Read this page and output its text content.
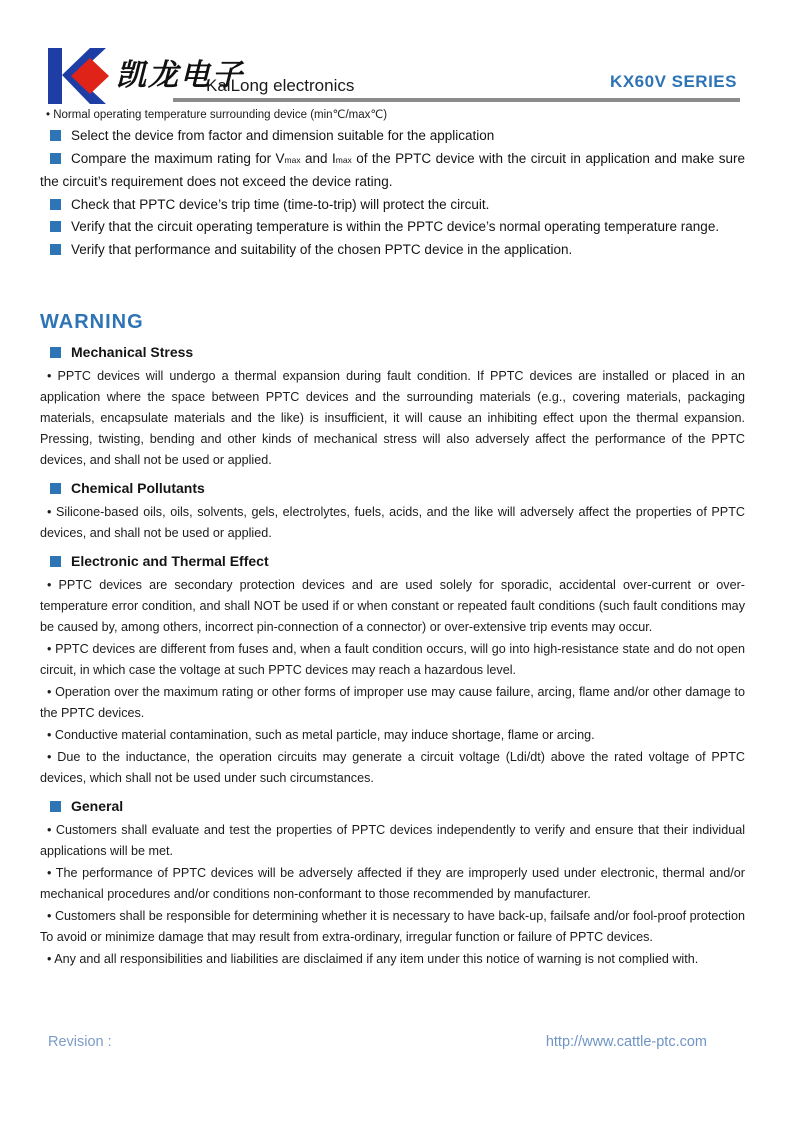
凯龙电子
KaiLong electronics	KX60V SERIES
• Normal operating temperature surrounding device (min℃/max℃)

Select the device from factor and dimension suitable for the application

Compare the maximum rating for Vmax and Imax of the PPTC device with the circuit in application and make sure the circuit’s requirement does not exceed the device rating.

Check that PPTC device’s trip time (time-to-trip) will protect the circuit.

Verify that the circuit operating temperature is within the PPTC device’s normal operating temperature range.

Verify that performance and suitability of the chosen PPTC device in the application.

WARNING
Mechanical Stress

• PPTC devices will undergo a thermal expansion during fault condition. If PPTC devices are installed or placed in an application where the space between PPTC devices and the surrounding materials (e.g., covering materials, packaging materials, encapsulate materials and the like) is insufficient, it will cause an inhibiting effect upon the thermal expansion. Pressing, twisting, bending and other kinds of mechanical stress will also adversely affect the performance of the PPTC devices, and shall not be used or applied.

Chemical Pollutants

• Silicone-based oils, oils, solvents, gels, electrolytes, fuels, acids, and the like will adversely affect the properties of PPTC devices, and shall not be used or applied.

Electronic and Thermal Effect

• PPTC devices are secondary protection devices and are used solely for sporadic, accidental over-current or over-temperature error condition, and shall NOT be used if or when constant or repeated fault conditions (such fault conditions may be caused by, among others, incorrect pin-connection of a connector) or over-extensive trip events may occur.

• PPTC devices are different from fuses and, when a fault condition occurs, will go into high-resistance state and do not open circuit, in which case the voltage at such PPTC devices may reach a hazardous level.

• Operation over the maximum rating or other forms of improper use may cause failure, arcing, flame and/or other damage to the PPTC devices.

• Conductive material contamination, such as metal particle, may induce shortage, flame or arcing.

• Due to the inductance, the operation circuits may generate a circuit voltage (Ldi/dt) above the rated voltage of PPTC devices, which shall not be used under such circumstances.

General

• Customers shall evaluate and test the properties of PPTC devices independently to verify and ensure that their individual applications will be met.

• The performance of PPTC devices will be adversely affected if they are improperly used under electronic, thermal and/or mechanical procedures and/or conditions non-conformant to those recommended by manufacturer.

• Customers shall be responsible for determining whether it is necessary to have back-up, failsafe and/or fool-proof protection To avoid or minimize damage that may result from extra-ordinary, irregular function or failure of PPTC devices.

• Any and all responsibilities and liabilities are disclaimed if any item under this notice of warning is not complied with.

Revision :	http://www.cattle-ptc.com
